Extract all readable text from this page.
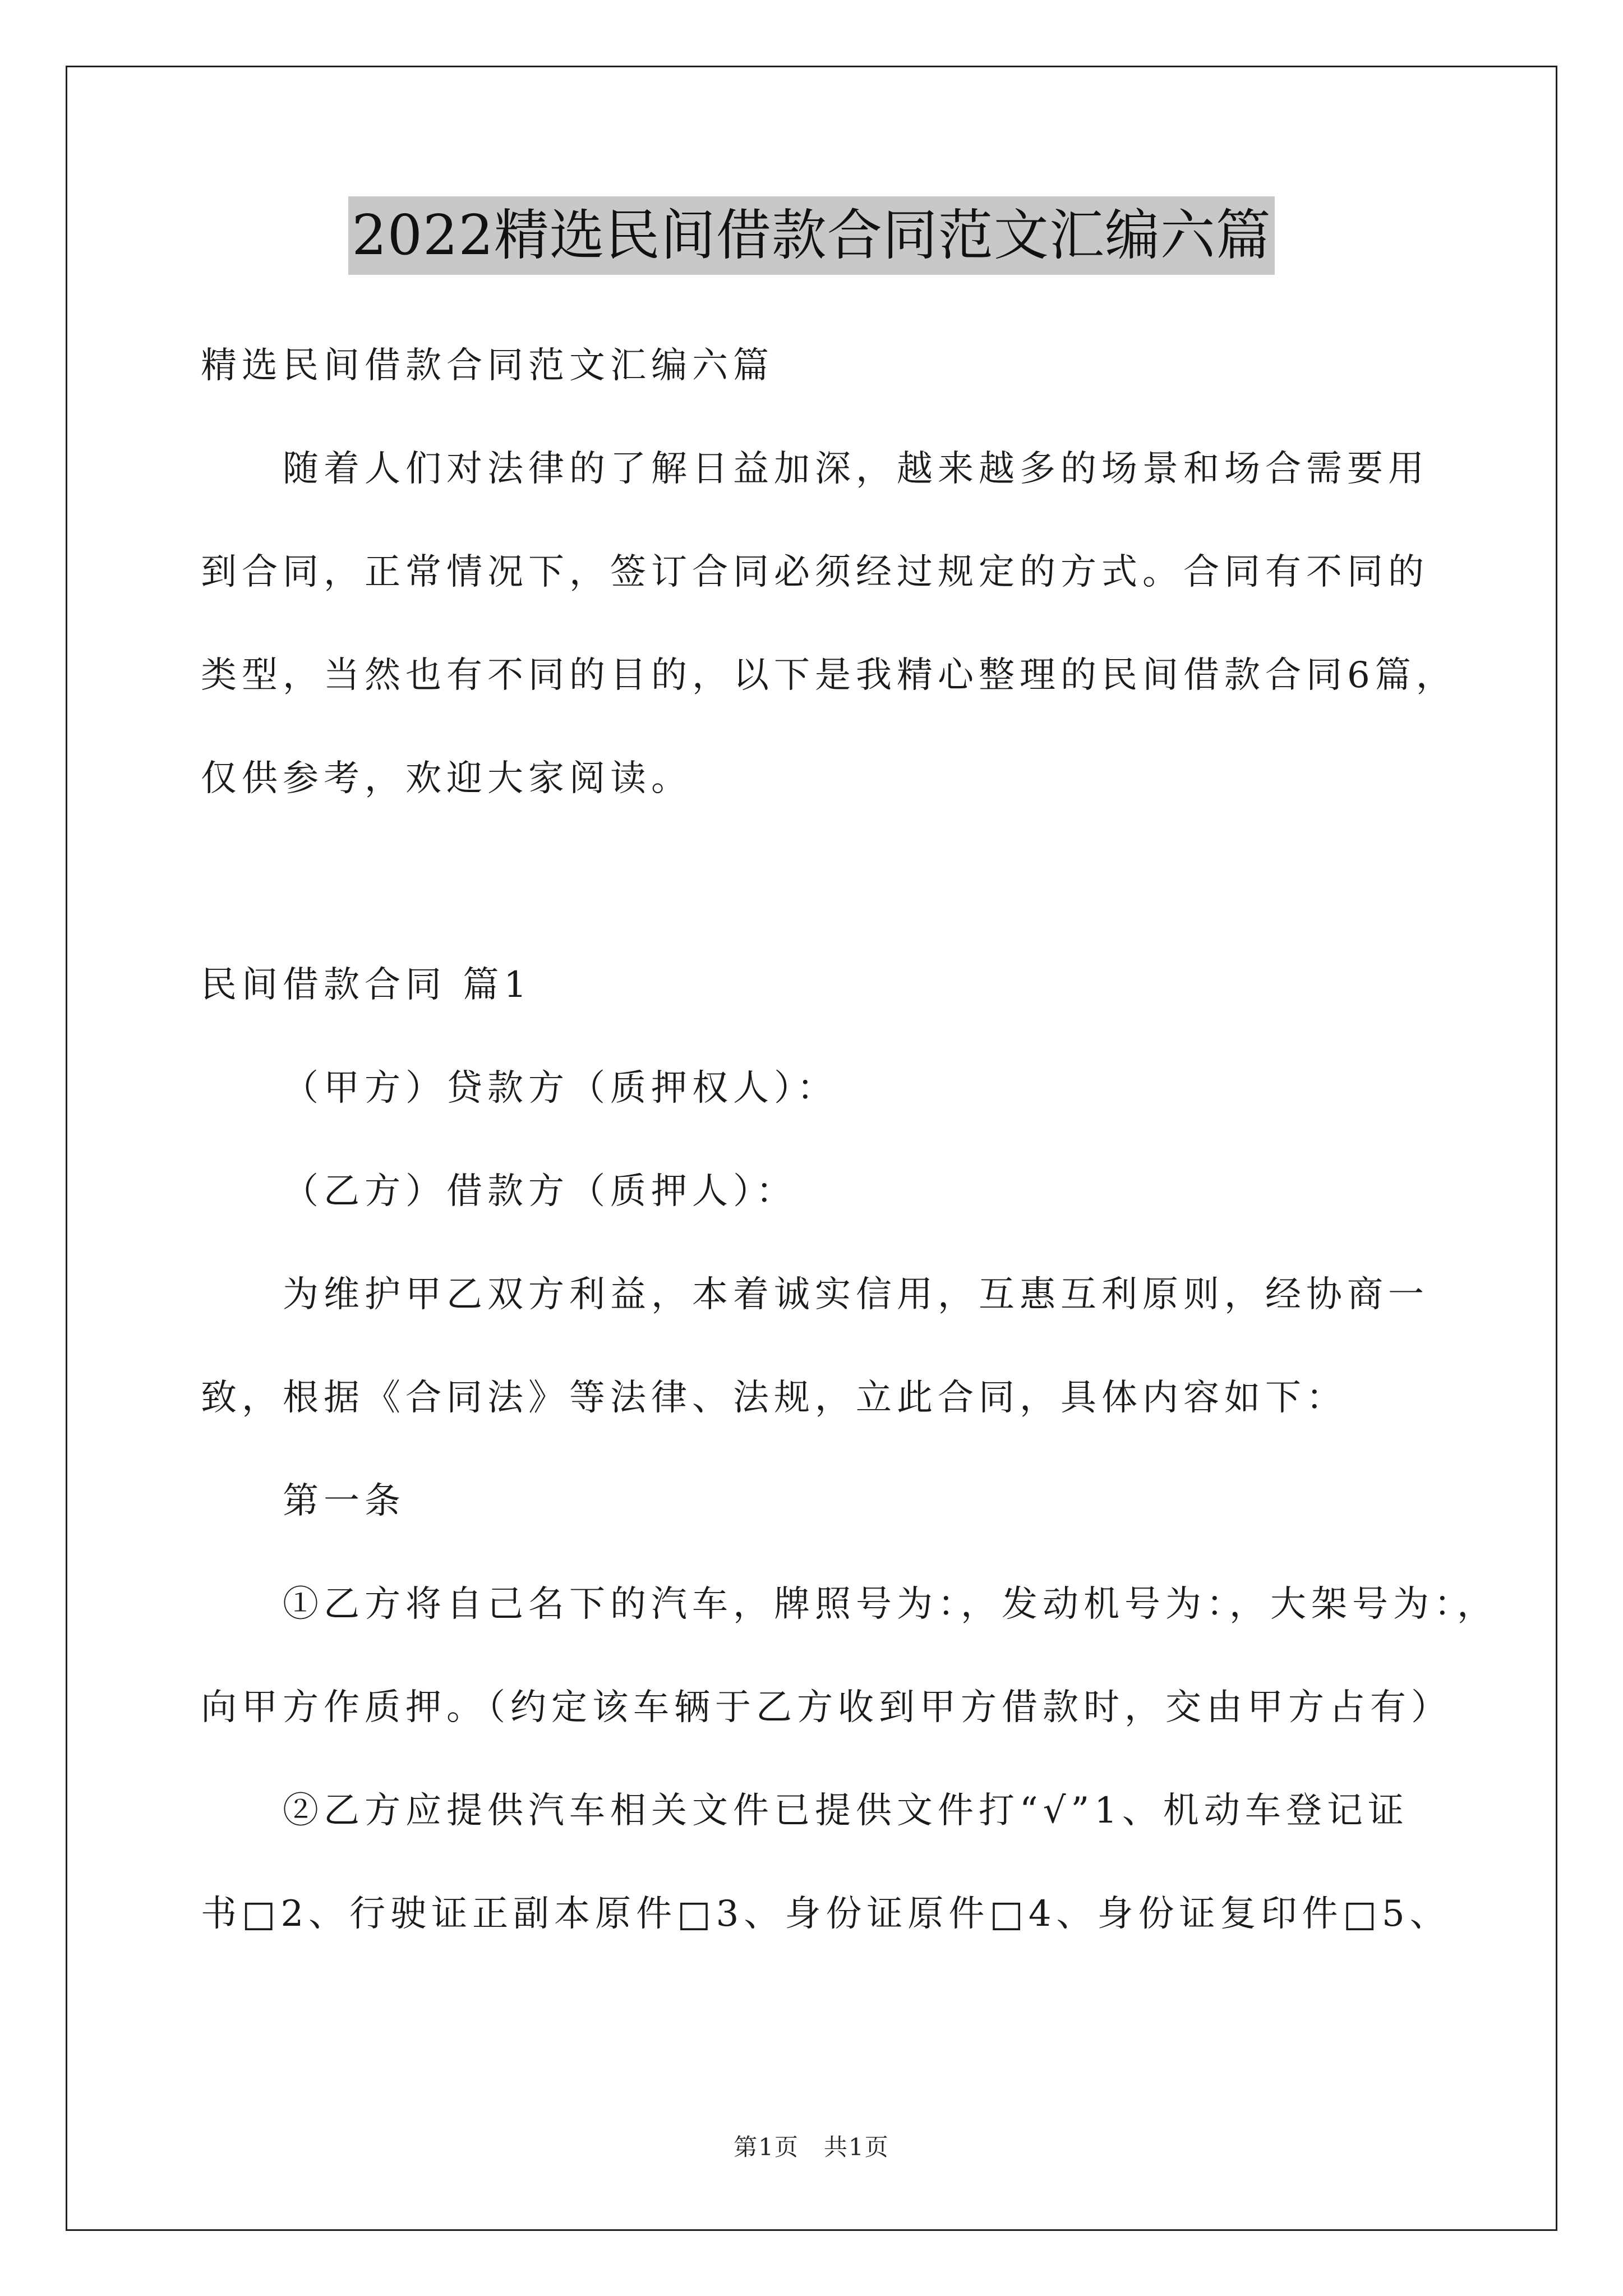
2022精选民间借款合同范文汇编六篇
精选民间借款合同范文汇编六篇
随着人们对法律的了解日益加深，越来越多的场景和场合需要用
到合同，正常情况下，签订合同必须经过规定的方式。合同有不同的
类型，当然也有不同的目的，以下是我精心整理的民间借款合同6篇，
仅供参考，欢迎大家阅读。
民间借款合同 篇1
（甲方）贷款方（质押权人）：
（乙方）借款方（质押人）：
为维护甲乙双方利益，本着诚实信用，互惠互利原则，经协商一
致，根据《合同法》等法律、法规，立此合同，具体内容如下：
第一条
①乙方将自己名下的汽车，牌照号为：，发动机号为：，大架号为：，
向甲方作质押。（约定该车辆于乙方收到甲方借款时，交由甲方占有）
②乙方应提供汽车相关文件已提供文件打“√”1、机动车登记证
书□2、行驶证正副本原件□3、身份证原件□4、身份证复印件□5、
第1页　共1页
